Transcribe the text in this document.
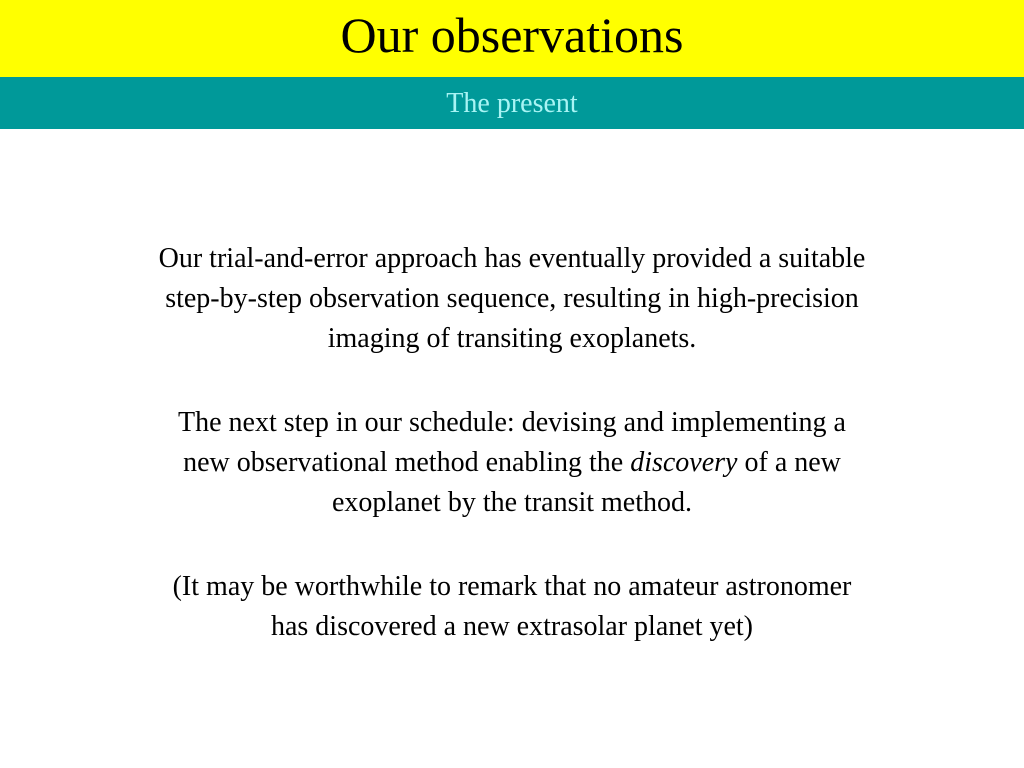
Our observations
The present

Our trial-and-error approach has eventually provided a suitable
step-by-step observation sequence, resulting in high-precision
imaging of transiting exoplanets.

The next step in our schedule: devising and implementing a
new observational method enabling the discovery of a new
exoplanet by the transit method.

(It may be worthwhile to remark that no amateur astronomer
has discovered a new extrasolar planet yet)
